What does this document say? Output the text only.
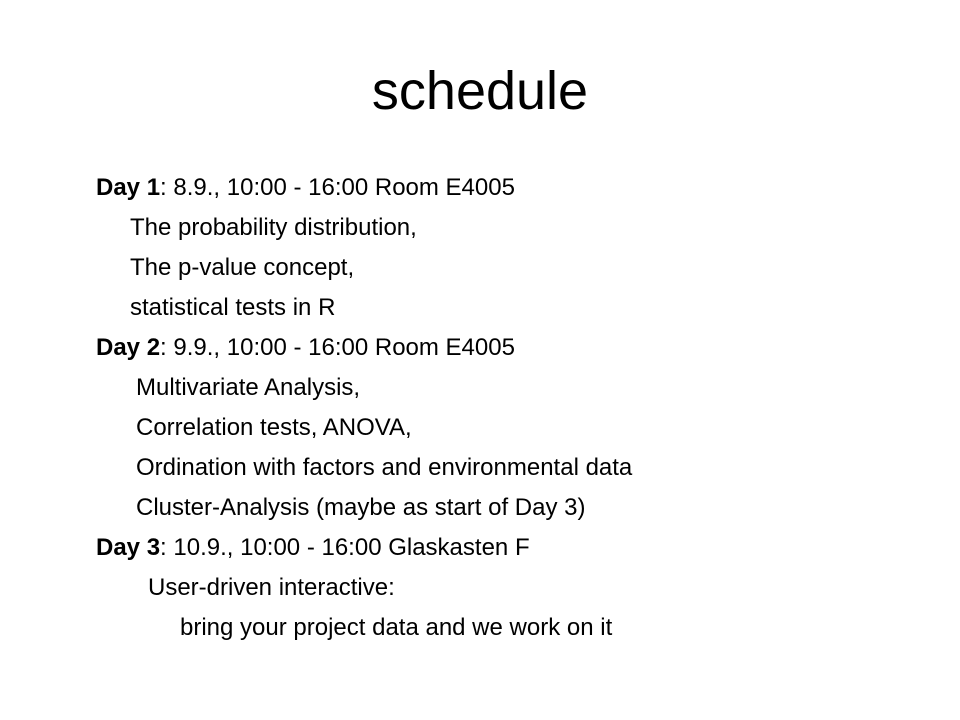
schedule
Day 1: 8.9., 10:00 - 16:00 Room E4005
The probability distribution,
The p-value concept,
statistical tests in R
Day 2: 9.9., 10:00 - 16:00 Room E4005
Multivariate Analysis,
Correlation tests, ANOVA,
Ordination with factors and environmental data
Cluster-Analysis (maybe as start of Day 3)
Day 3: 10.9., 10:00 - 16:00 Glaskasten F
User-driven interactive:
bring your project data and we work on it
